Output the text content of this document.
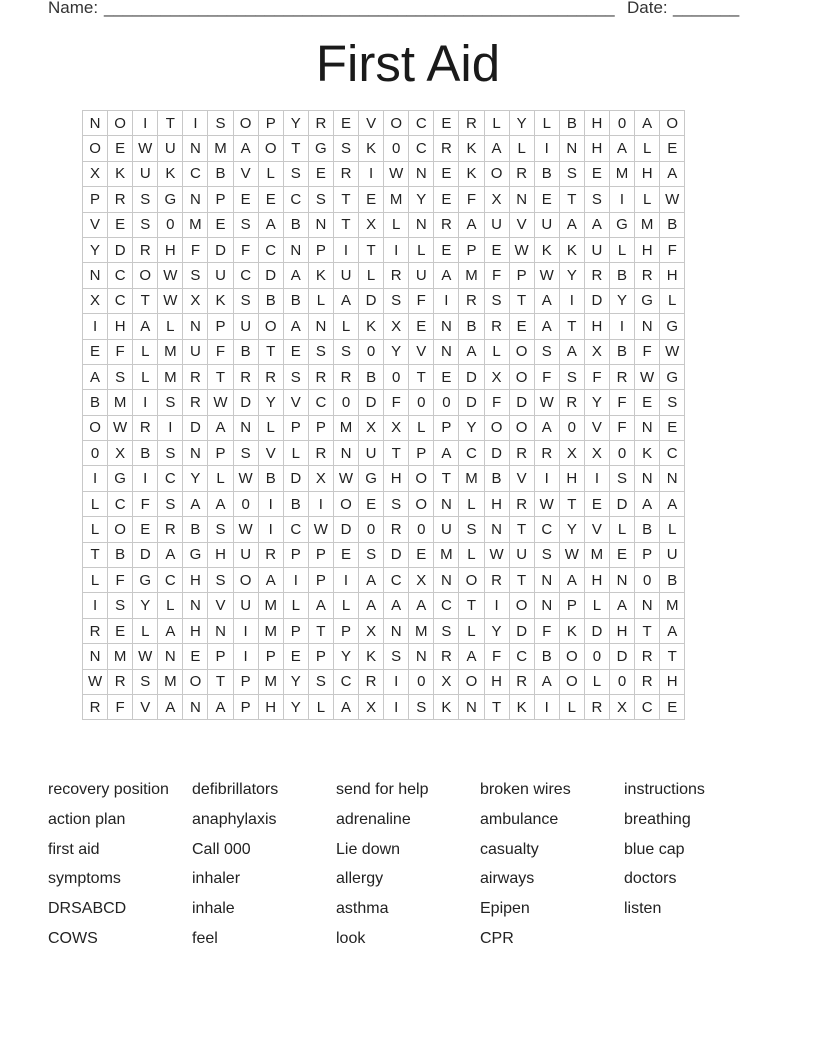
Name: ______________________________________________________ Date: _______
First Aid
N	O	I	T	I	S	O	P	Y	R	E	V	O	C	E	R	L	Y	L	B	H	0	A	O
O	E	W	U	N	M	A	O	T	G	S	K	0	C	R	K	A	L	I	N	H	A	L	E
X	K	U	K	C	B	V	L	S	E	R	I	W	N	E	K	O	R	B	S	E	M	H	A
P	R	S	G	N	P	E	E	C	S	T	E	M	Y	E	F	X	N	E	T	S	I	L	W
V	E	S	0	M	E	S	A	B	N	T	X	L	N	R	A	U	V	U	A	A	G	M	B
Y	D	R	H	F	D	F	C	N	P	I	T	I	L	E	P	E	W	K	K	U	L	H	F
N	C	O	W	S	U	C	D	A	K	U	L	R	U	A	M	F	P	W	Y	R	B	R	H
X	C	T	W	X	K	S	B	B	L	A	D	S	F	I	R	S	T	A	I	D	Y	G	L
I	H	A	L	N	P	U	O	A	N	L	K	X	E	N	B	R	E	A	T	H	I	N	G
E	F	L	M	U	F	B	T	E	S	S	0	Y	V	N	A	L	O	S	A	X	B	F	W
A	S	L	M	R	T	R	R	S	R	R	B	0	T	E	D	X	O	F	S	F	R	W	G
B	M	I	S	R	W	D	Y	V	C	0	D	F	0	0	D	F	D	W	R	Y	F	E	S
O	W	R	I	D	A	N	L	P	P	M	X	X	L	P	Y	O	O	A	0	V	F	N	E
0	X	B	S	N	P	S	V	L	R	N	U	T	P	A	C	D	R	R	X	X	0	K	C
I	G	I	C	Y	L	W	B	D	X	W	G	H	O	T	M	B	V	I	H	I	S	N	N
L	C	F	S	A	A	0	I	B	I	O	E	S	O	N	L	H	R	W	T	E	D	A	A
L	O	E	R	B	S	W	I	C	W	D	0	R	0	U	S	N	T	C	Y	V	L	B	L
T	B	D	A	G	H	U	R	P	P	E	S	D	E	M	L	W	U	S	W	M	E	P	U
L	F	G	C	H	S	O	A	I	P	I	A	C	X	N	O	R	T	N	A	H	N	0	B
I	S	Y	L	N	V	U	M	L	A	L	A	A	A	C	T	I	O	N	P	L	A	N	M
R	E	L	A	H	N	I	M	P	T	P	X	N	M	S	L	Y	D	F	K	D	H	T	A
N	M	W	N	E	P	I	P	E	P	Y	K	S	N	R	A	F	C	B	O	0	D	R	T
W	R	S	M	O	T	P	M	Y	S	C	R	I	0	X	O	H	R	A	O	L	0	R	H
R	F	V	A	N	A	P	H	Y	L	A	X	I	S	K	N	T	K	I	L	R	X	C	E
recovery position	defibrillators	send for help	broken wires	instructions
action plan	anaphylaxis	adrenaline	ambulance	breathing
first aid	Call 000	Lie down	casualty	blue cap
symptoms	inhaler	allergy	airways	doctors
DRSABCD	inhale	asthma	Epipen	listen
COWS	feel	look	CPR
